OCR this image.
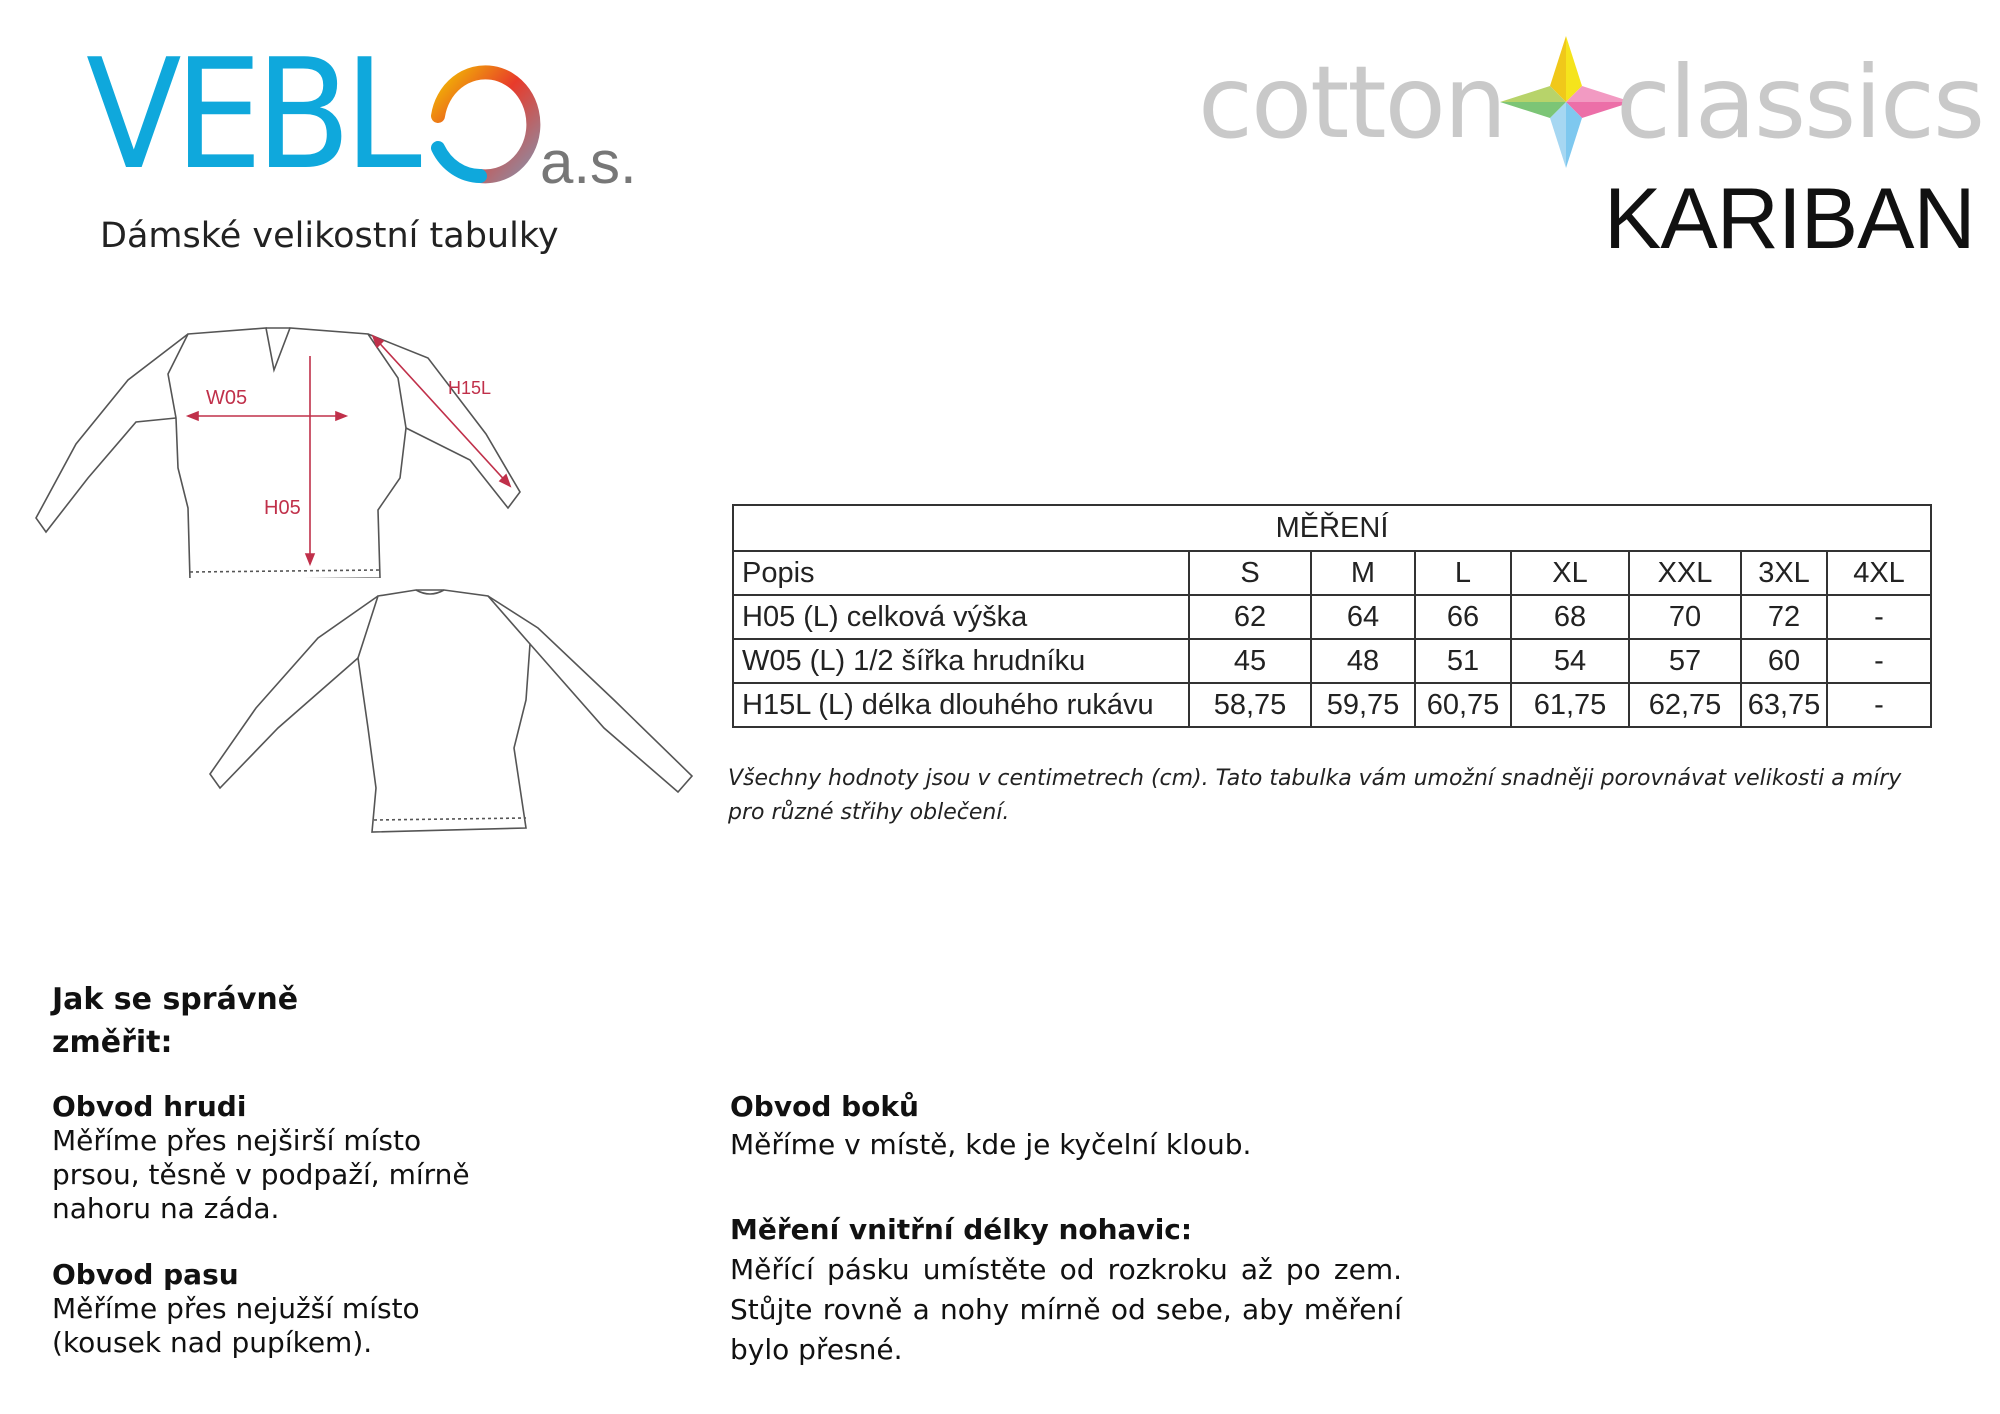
VEBL a.s.
Dámské velikostní tabulky
cotton classics
KARIBAN
W05	H15L
H05
MĚŘENÍ							
Popis	S	M	L	XL	XXL	3XL	4XL
H05 (L) celková výška	62	64	66	68	70	72	-
W05 (L) 1/2 šířka hrudníku	45	48	51	54	57	60	-
H15L (L) délka dlouhého rukávu	58,75	59,75	60,75	61,75	62,75	63,75	-
Všechny hodnoty jsou v centimetrech (cm). Tato tabulka vám umožní snadněji porovnávat velikosti a míry pro různé střihy oblečení.
Jak se správně změřit:
Obvod hrudi
Měříme přes nejširší místo prsou, těsně v podpaží, mírně nahoru na záda.
Obvod pasu
Měříme přes nejužší místo (kousek nad pupíkem).
Obvod boků
Měříme v místě, kde je kyčelní kloub.
Měření vnitřní délky nohavic:
Měřící pásku umístěte od rozkroku až po zem. Stůjte rovně a nohy mírně od sebe, aby měření bylo přesné.
